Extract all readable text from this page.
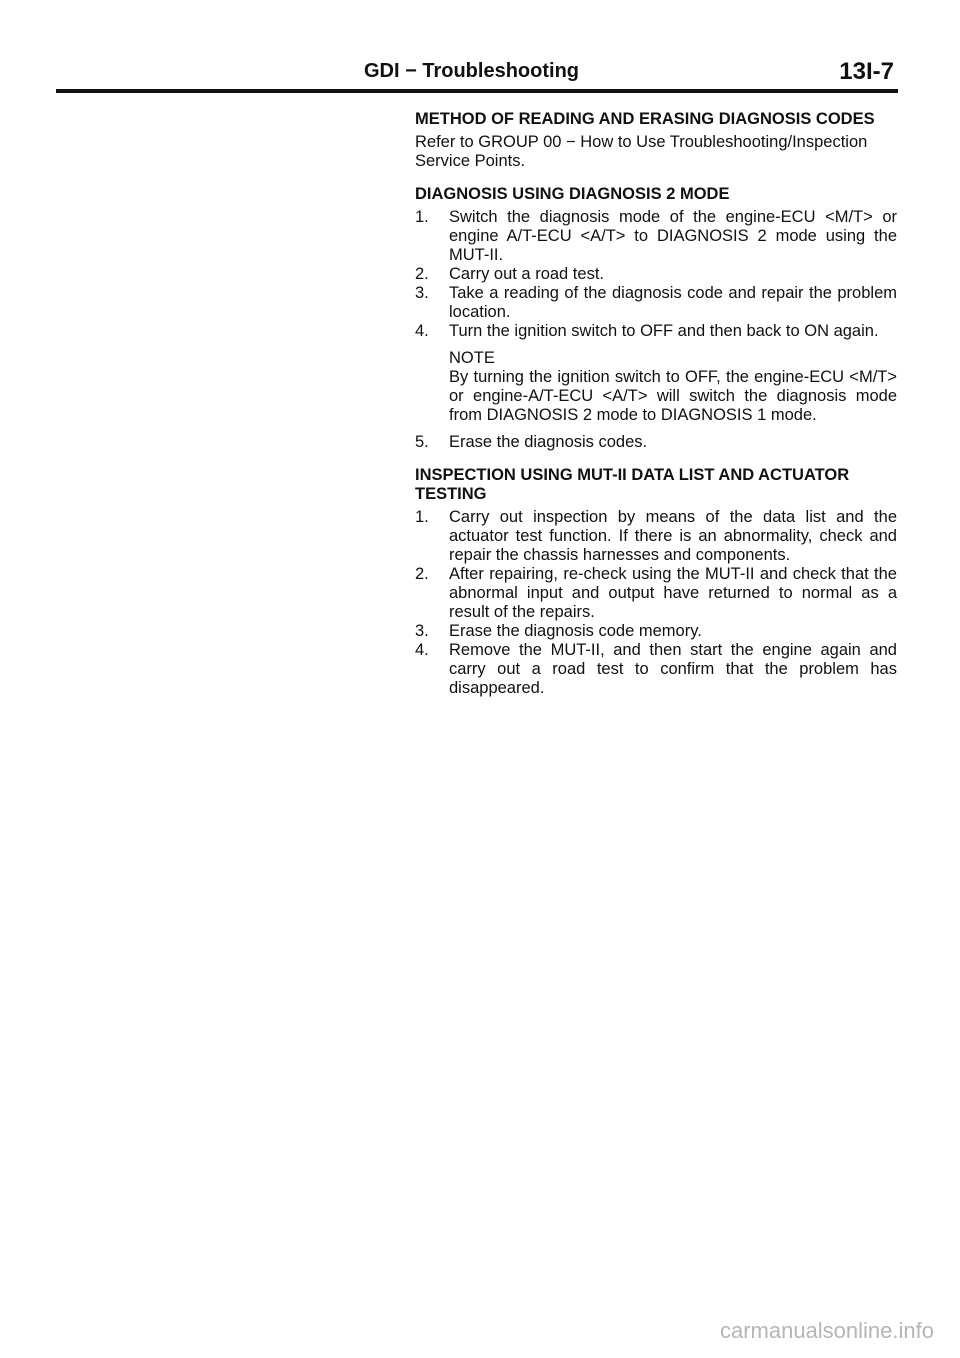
GDI − Troubleshooting	13I-7
METHOD OF READING AND ERASING DIAGNOSIS CODES
Refer to GROUP 00 − How to Use Troubleshooting/Inspection Service Points.
DIAGNOSIS USING DIAGNOSIS 2 MODE
1.	Switch the diagnosis mode of the engine-ECU <M/T> or engine A/T-ECU <A/T> to DIAGNOSIS 2 mode using the MUT-II.
2.	Carry out a road test.
3.	Take a reading of the diagnosis code and repair the problem location.
4.	Turn the ignition switch to OFF and then back to ON again.
NOTE
By turning the ignition switch to OFF, the engine-ECU <M/T> or engine-A/T-ECU <A/T> will switch the diagnosis mode from DIAGNOSIS 2 mode to DIAGNOSIS 1 mode.
5.	Erase the diagnosis codes.
INSPECTION USING MUT-II DATA LIST AND ACTUATOR TESTING
1.	Carry out inspection by means of the data list and the actuator test function. If there is an abnormality, check and repair the chassis harnesses and components.
2.	After repairing, re-check using the MUT-II and check that the abnormal input and output have returned to normal as a result of the repairs.
3.	Erase the diagnosis code memory.
4.	Remove the MUT-II, and then start the engine again and carry out a road test to confirm that the problem has disappeared.
carmanualsonline.info
